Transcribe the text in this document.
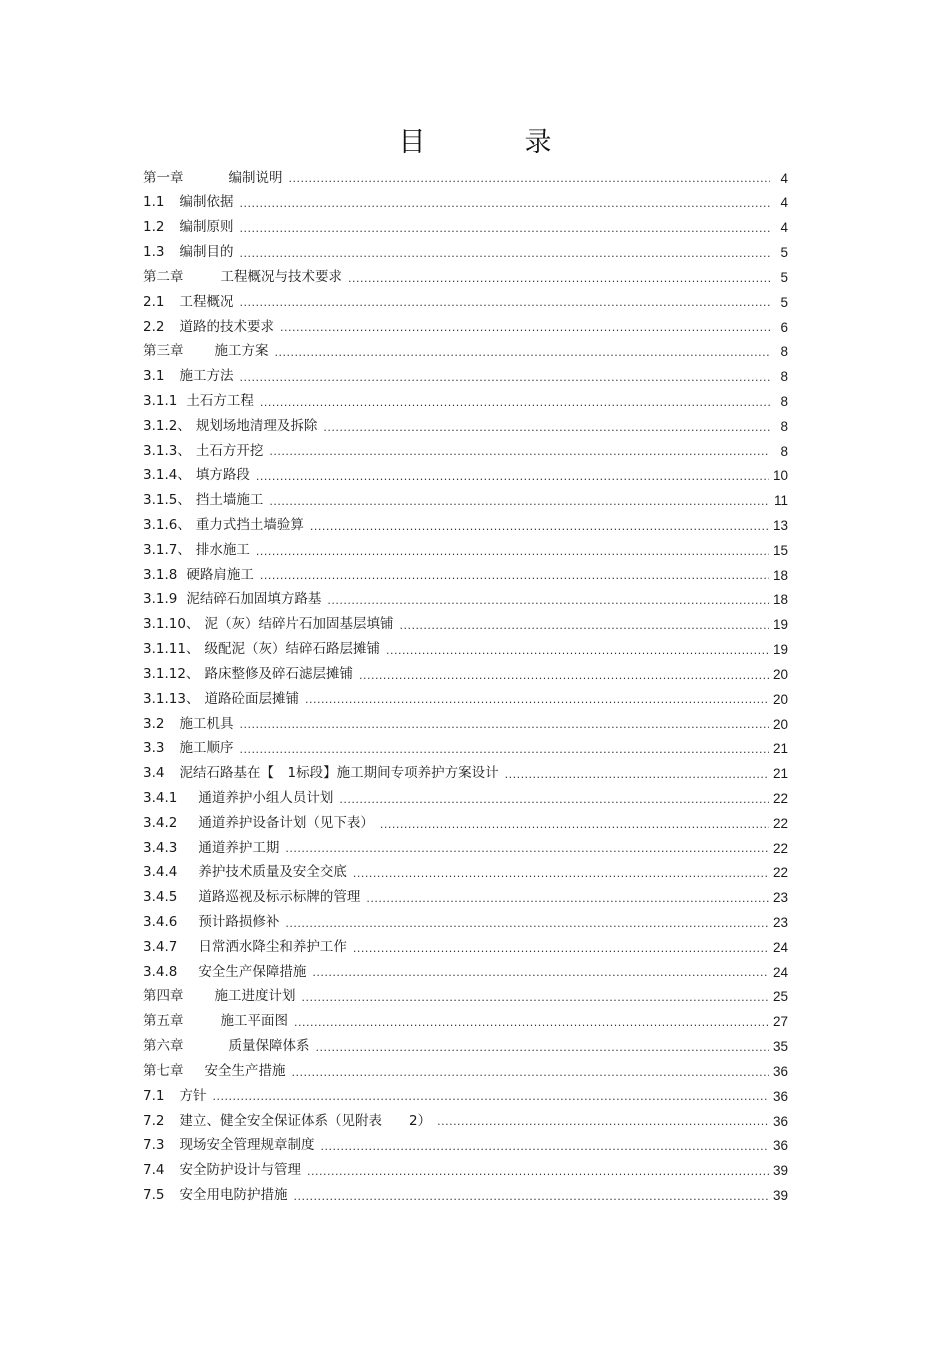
目　录
第一章	编制说明 .....	4
1.1 编制依据 .....	4
1.2 编制原则 .....	4
1.3 编制目的 .....	5
第二章	工程概况与技术要求 .....	5
2.1 工程概况 .....	5
2.2 道路的技术要求 .....	6
第三章 施工方案 .....	8
3.1 施工方法 .....	8
3.1.1 土石方工程 .....	8
3.1.2、 规划场地清理及拆除 .....	8
3.1.3、 土石方开挖 .....	8
3.1.4、 填方路段 .....	10
3.1.5、 挡土墙施工 .....	11
3.1.6、 重力式挡土墙验算 .....	13
3.1.7、 排水施工 .....	15
3.1.8 硬路肩施工 .....	18
3.1.9 泥结碎石加固填方路基 .....	18
3.1.10、 泥（灰）结碎片石加固基层填铺 .....	19
3.1.11、 级配泥（灰）结碎石路层摊铺 .....	19
3.1.12、 路床整修及碎石滤层摊铺 .....	20
3.1.13、 道路砼面层摊铺 .....	20
3.2 施工机具 .....	20
3.3 施工顺序 .....	21
3.4 泥结石路基在【　1标段】施工期间专项养护方案设计 .....	21
3.4.1 通道养护小组人员计划 .....	22
3.4.2 通道养护设备计划（见下表） .....	22
3.4.3 通道养护工期 .....	22
3.4.4 养护技术质量及安全交底 .....	22
3.4.5 道路巡视及标示标牌的管理 .....	23
3.4.6 预计路损修补 .....	23
3.4.7 日常洒水降尘和养护工作 .....	24
3.4.8 安全生产保障措施 .....	24
第四章 施工进度计划 .....	25
第五章	施工平面图 .....	27
第六章	质量保障体系 .....	35
第七章 安全生产措施 .....	36
7.1 方针 .....	36
7.2 建立、健全安全保证体系（见附表　　2） .....	36
7.3 现场安全管理规章制度 .....	36
7.4 安全防护设计与管理 .....	39
7.5 安全用电防护措施 .....	39
